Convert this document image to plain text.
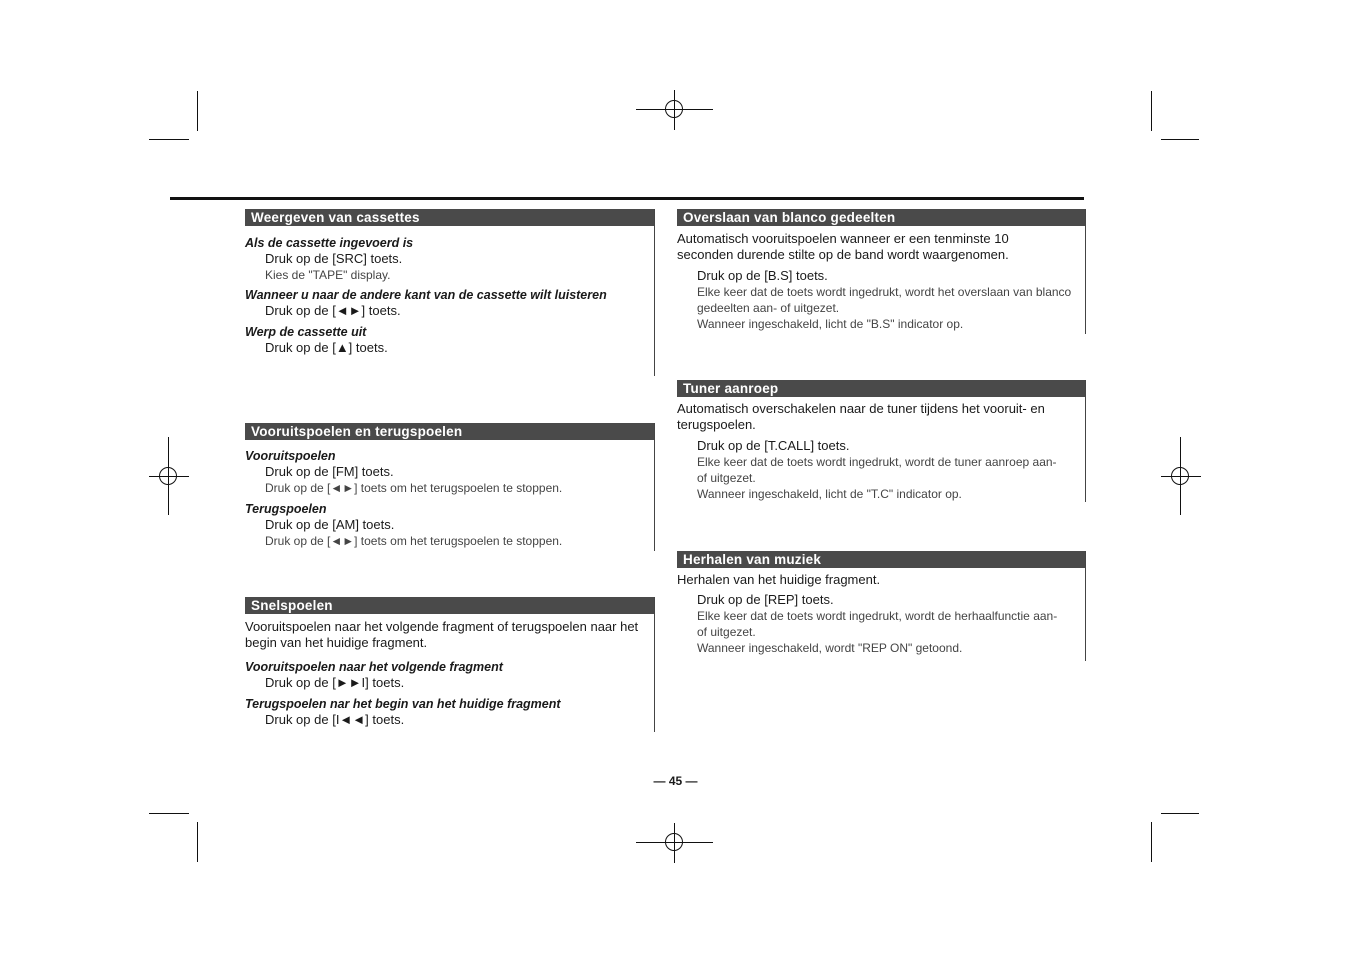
Weergeven van cassettes

Als de cassette ingevoerd is

Druk op de [SRC] toets.

Kies de "TAPE" display.

Wanneer u naar de andere kant van de cassette wilt luisteren

Druk op de [◄►] toets.

Werp de cassette uit

Druk op de [▲] toets.

Vooruitspoelen en terugspoelen

Vooruitspoelen

Druk op de [FM] toets.

Druk op de [◄►] toets om het terugspoelen te stoppen.

Terugspoelen

Druk op de [AM] toets.

Druk op de [◄►] toets om het terugspoelen te stoppen.

Snelspoelen

Vooruitspoelen naar het volgende fragment of terugspoelen naar het begin van het huidige fragment.

Vooruitspoelen naar het volgende fragment

Druk op de [►►I] toets.

Terugspoelen nar het begin van het huidige fragment

Druk op de [I◄◄] toets.

Overslaan van blanco gedeelten

Automatisch vooruitspoelen wanneer er een tenminste 10 seconden durende stilte op de band wordt waargenomen.

Druk op de [B.S] toets.

Elke keer dat de toets wordt ingedrukt, wordt het overslaan van blanco gedeelten aan- of uitgezet.

Wanneer ingeschakeld, licht de "B.S" indicator op.

Tuner aanroep

Automatisch overschakelen naar de tuner tijdens het vooruit- en terugspoelen.

Druk op de [T.CALL] toets.

Elke keer dat de toets wordt ingedrukt, wordt de tuner aanroep aan- of uitgezet.

Wanneer ingeschakeld, licht de "T.C" indicator op.

Herhalen van muziek

Herhalen van het huidige fragment.

Druk op de [REP] toets.

Elke keer dat de toets wordt ingedrukt, wordt de herhaalfunctie aan- of uitgezet.

Wanneer ingeschakeld, wordt "REP ON" getoond.

— 45 —
